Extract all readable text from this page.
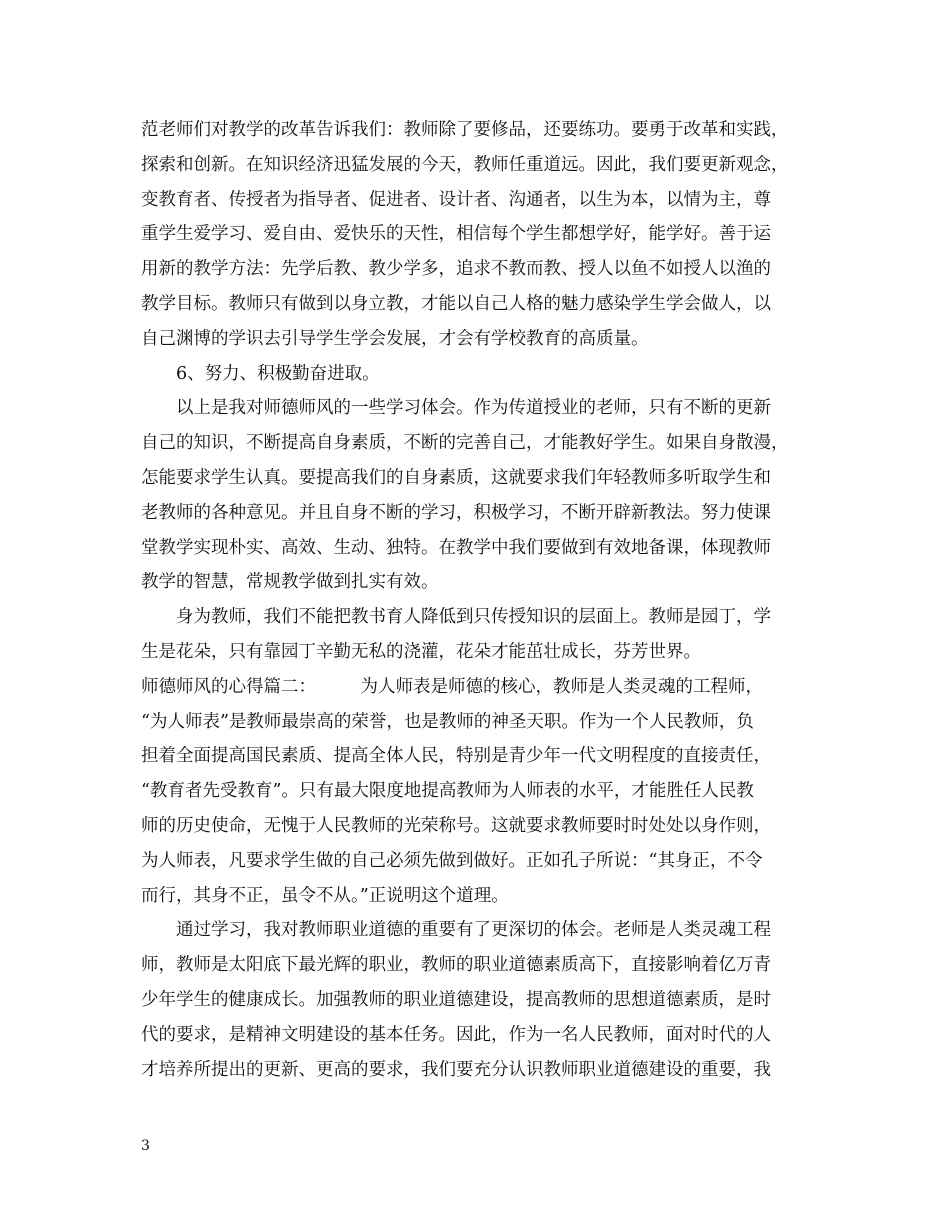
范老师们对教学的改革告诉我们：教师除了要修品，还要练功。要勇于改革和实践，
探索和创新。在知识经济迅猛发展的今天，教师任重道远。因此，我们要更新观念，
变教育者、传授者为指导者、促进者、设计者、沟通者，以生为本，以情为主，尊
重学生爱学习、爱自由、爱快乐的天性，相信每个学生都想学好，能学好。善于运
用新的教学方法：先学后教、教少学多，追求不教而教、授人以鱼不如授人以渔的
教学目标。教师只有做到以身立教，才能以自己人格的魅力感染学生学会做人，以
自己渊博的学识去引导学生学会发展，才会有学校教育的高质量。
6、努力、积极勤奋进取。
以上是我对师德师风的一些学习体会。作为传道授业的老师，只有不断的更新
自己的知识，不断提高自身素质，不断的完善自己，才能教好学生。如果自身散漫，
怎能要求学生认真。要提高我们的自身素质，这就要求我们年轻教师多听取学生和
老教师的各种意见。并且自身不断的学习，积极学习，不断开辟新教法。努力使课
堂教学实现朴实、高效、生动、独特。在教学中我们要做到有效地备课，体现教师
教学的智慧，常规教学做到扎实有效。
身为教师，我们不能把教书育人降低到只传授知识的层面上。教师是园丁，学
生是花朵，只有靠园丁辛勤无私的浇灌，花朵才能茁壮成长，芬芳世界。
师德师风的心得篇二：        为人师表是师德的核心，教师是人类灵魂的工程师，
“为人师表”是教师最崇高的荣誉，也是教师的神圣天职。作为一个人民教师，负
担着全面提高国民素质、提高全体人民，特别是青少年一代文明程度的直接责任，
“教育者先受教育”。只有最大限度地提高教师为人师表的水平，才能胜任人民教
师的历史使命，无愧于人民教师的光荣称号。这就要求教师要时时处处以身作则，
为人师表，凡要求学生做的自己必须先做到做好。正如孔子所说：“其身正，不令
而行，其身不正，虽令不从。”正说明这个道理。
通过学习，我对教师职业道德的重要有了更深切的体会。老师是人类灵魂工程
师，教师是太阳底下最光辉的职业，教师的职业道德素质高下，直接影响着亿万青
少年学生的健康成长。加强教师的职业道德建设，提高教师的思想道德素质，是时
代的要求，是精神文明建设的基本任务。因此，作为一名人民教师，面对时代的人
才培养所提出的更新、更高的要求，我们要充分认识教师职业道德建设的重要，我
3
